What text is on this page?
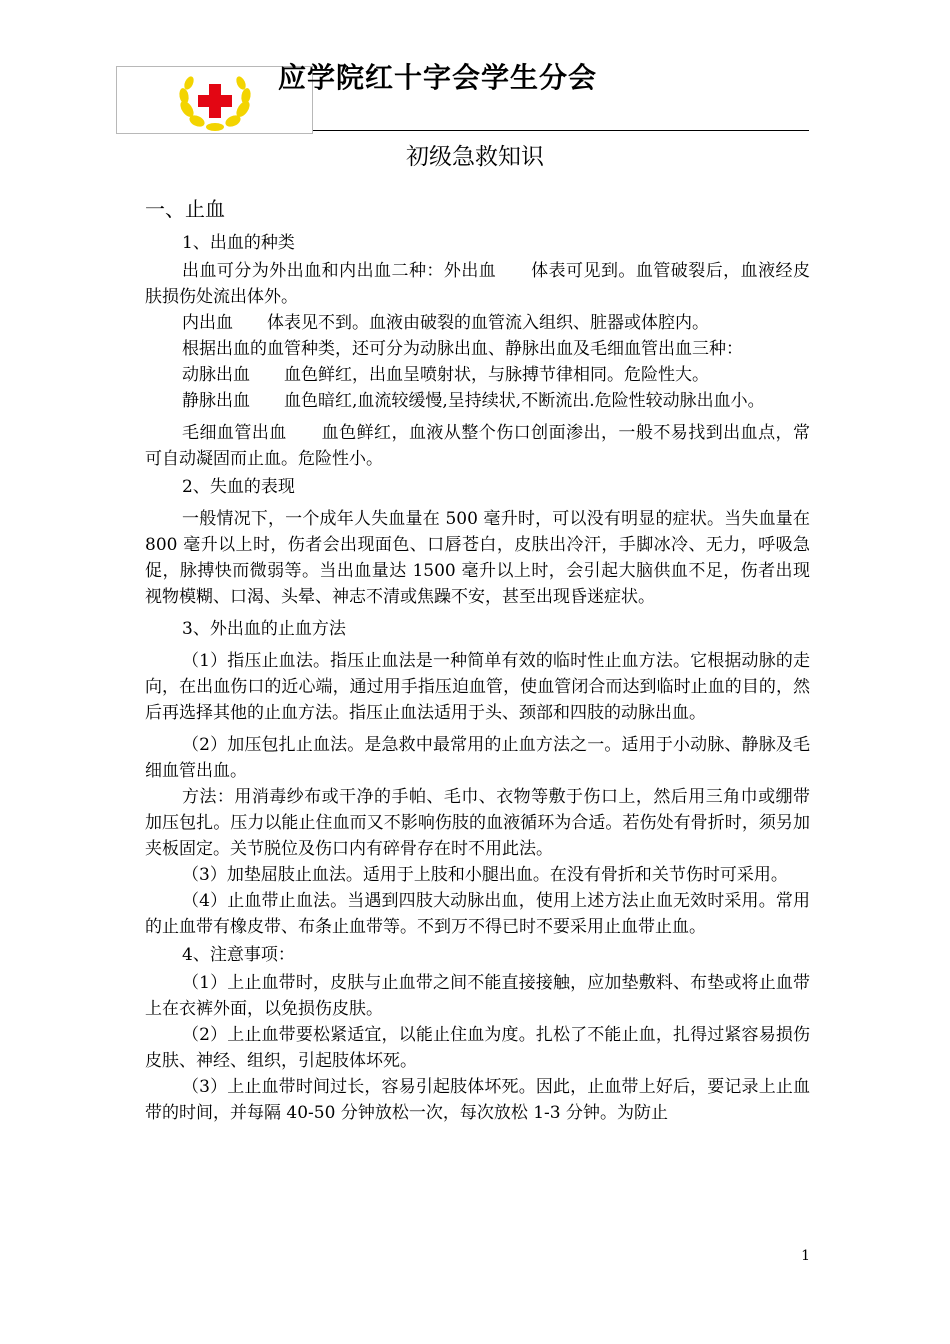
应学院红十字会学生分会
初级急救知识

一、止血

1、出血的种类

出血可分为外出血和内出血二种：外出血　　体表可见到。血管破裂后，血液经皮肤损伤处流出体外。

内出血　　体表见不到。血液由破裂的血管流入组织、脏器或体腔内。

根据出血的血管种类，还可分为动脉出血、静脉出血及毛细血管出血三种：

动脉出血　　血色鲜红，出血呈喷射状，与脉搏节律相同。危险性大。

静脉出血　　血色暗红,血流较缓慢,呈持续状,不断流出.危险性较动脉出血小。

毛细血管出血　　血色鲜红，血液从整个伤口创面渗出，一般不易找到出血点，常可自动凝固而止血。危险性小。

2、失血的表现

一般情况下，一个成年人失血量在 500 毫升时，可以没有明显的症状。当失血量在 800 毫升以上时，伤者会出现面色、口唇苍白，皮肤出冷汗，手脚冰冷、无力，呼吸急促，脉搏快而微弱等。当出血量达 1500 毫升以上时，会引起大脑供血不足，伤者出现视物模糊、口渴、头晕、神志不清或焦躁不安，甚至出现昏迷症状。

3、外出血的止血方法

（1）指压止血法。指压止血法是一种简单有效的临时性止血方法。它根据动脉的走向，在出血伤口的近心端，通过用手指压迫血管，使血管闭合而达到临时止血的目的，然后再选择其他的止血方法。指压止血法适用于头、颈部和四肢的动脉出血。

（2）加压包扎止血法。是急救中最常用的止血方法之一。适用于小动脉、静脉及毛细血管出血。

方法：用消毒纱布或干净的手帕、毛巾、衣物等敷于伤口上，然后用三角巾或绷带加压包扎。压力以能止住血而又不影响伤肢的血液循环为合适。若伤处有骨折时，须另加夹板固定。关节脱位及伤口内有碎骨存在时不用此法。

（3）加垫屈肢止血法。适用于上肢和小腿出血。在没有骨折和关节伤时可采用。

（4）止血带止血法。当遇到四肢大动脉出血，使用上述方法止血无效时采用。常用的止血带有橡皮带、布条止血带等。不到万不得已时不要采用止血带止血。

4、注意事项：

（1）上止血带时，皮肤与止血带之间不能直接接触，应加垫敷料、布垫或将止血带上在衣裤外面，以免损伤皮肤。

（2）上止血带要松紧适宜，以能止住血为度。扎松了不能止血，扎得过紧容易损伤皮肤、神经、组织，引起肢体坏死。

（3）上止血带时间过长，容易引起肢体坏死。因此，止血带上好后，要记录上止血带的时间，并每隔 40-50 分钟放松一次，每次放松 1-3 分钟。为防止

1
